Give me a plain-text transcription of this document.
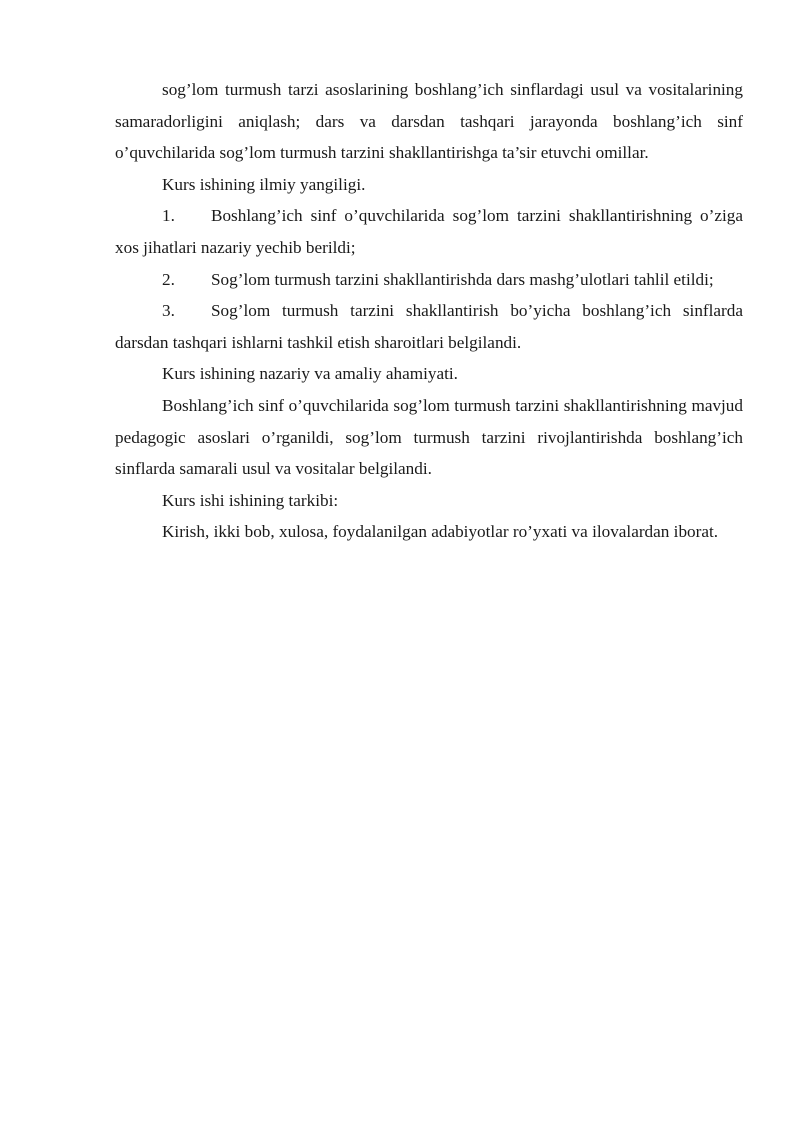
sog’lom turmush tarzi asoslarining boshlang’ich sinflardagi usul va vositalarining samaradorligini aniqlash; dars va darsdan tashqari jarayonda boshlang’ich sinf o’quvchilarida sog’lom turmush tarzini shakllantirishga ta’sir etuvchi omillar.

Kurs ishining ilmiy yangiligi.

1. Boshlang’ich sinf o’quvchilarida sog’lom tarzini shakllantirishning o’ziga xos jihatlari nazariy yechib berildi;

2. Sog’lom turmush tarzini shakllantirishda dars mashg’ulotlari tahlil etildi;

3. Sog’lom turmush tarzini shakllantirish bo’yicha boshlang’ich sinflarda darsdan tashqari ishlarni tashkil etish sharoitlari belgilandi.

Kurs ishining nazariy va amaliy ahamiyati.

Boshlang’ich sinf o’quvchilarida sog’lom turmush tarzini shakllantirishning mavjud pedagogic asoslari o’rganildi, sog’lom turmush tarzini rivojlantirishda boshlang’ich sinflarda samarali usul va vositalar belgilandi.

Kurs ishi ishining tarkibi:

Kirish, ikki bob, xulosa, foydalanilgan adabiyotlar ro’yxati va ilovalardan iborat.
